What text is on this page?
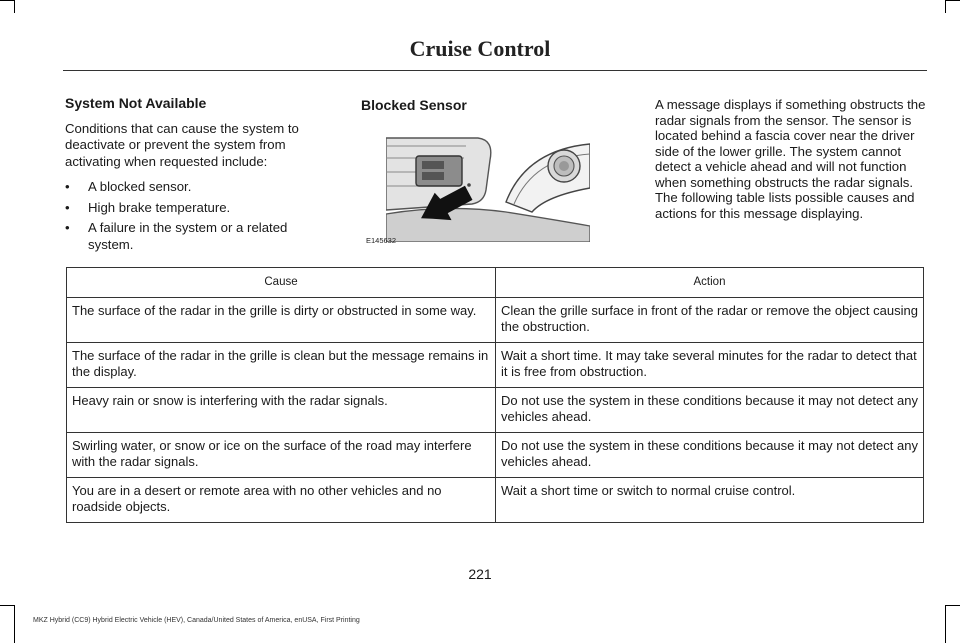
Cruise Control
System Not Available

Conditions that can cause the system to deactivate or prevent the system from activating when requested include:

• A blocked sensor.
• High brake temperature.
• A failure in the system or a related system.
Blocked Sensor
E145632
A message displays if something obstructs the radar signals from the sensor. The sensor is located behind a fascia cover near the driver side of the lower grille. The system cannot detect a vehicle ahead and will not function when something obstructs the radar signals. The following table lists possible causes and actions for this message displaying.
Cause	Action
The surface of the radar in the grille is dirty or obstructed in some way.	Clean the grille surface in front of the radar or remove the object causing the obstruction.
The surface of the radar in the grille is clean but the message remains in the display.	Wait a short time. It may take several minutes for the radar to detect that it is free from obstruction.
Heavy rain or snow is interfering with the radar signals.	Do not use the system in these conditions because it may not detect any vehicles ahead.
Swirling water, or snow or ice on the surface of the road may interfere with the radar signals.	Do not use the system in these conditions because it may not detect any vehicles ahead.
You are in a desert or remote area with no other vehicles and no roadside objects.	Wait a short time or switch to normal cruise control.
221
MKZ Hybrid (CC9) Hybrid Electric Vehicle (HEV), Canada/United States of America, enUSA, First Printing
